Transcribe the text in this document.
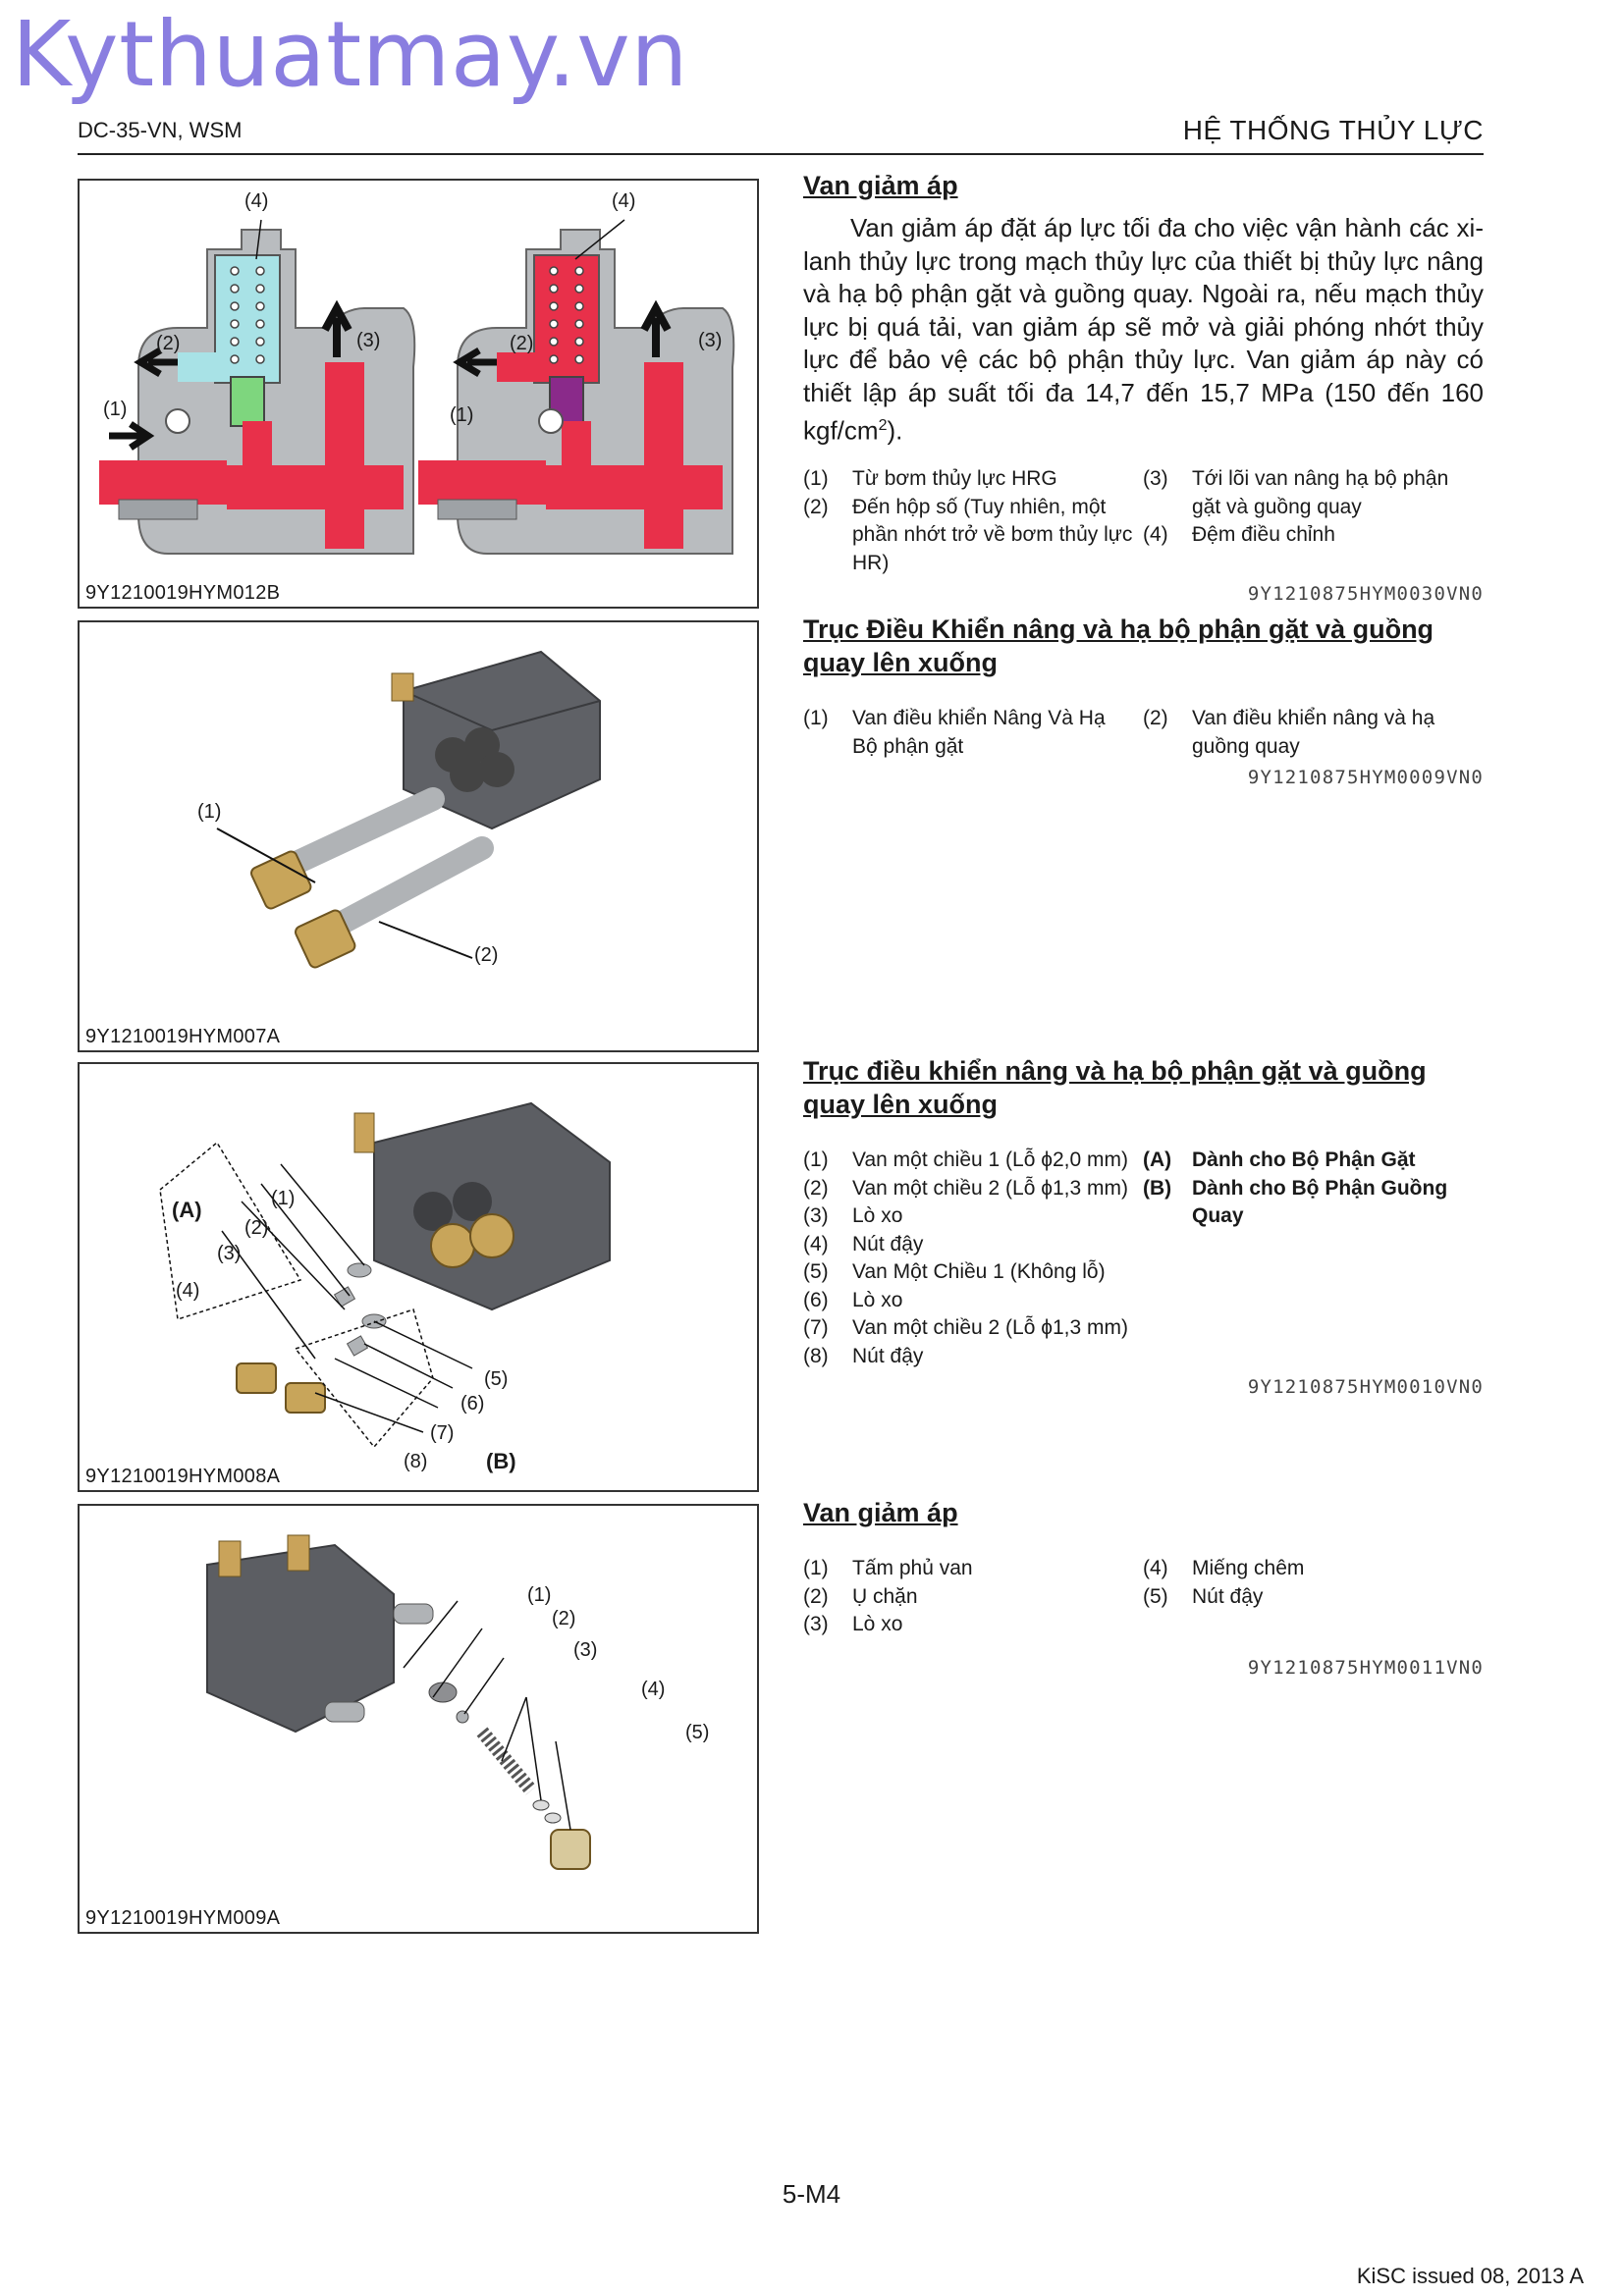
Kythuatmay.vn
DC-35-VN, WSM	HỆ THỐNG THỦY LỰC
(4)	(4)
(2)	(3)	(2)	(3)
(1)	(1)
9Y1210019HYM012B
(1)
(2)
9Y1210019HYM007A
(A)	(1)
(2)
(3)
(4)
(5)
(6)
(7)
(8)	(B)
9Y1210019HYM008A
(1)
(2)
(3)
(4)
(5)
9Y1210019HYM009A
Van giảm áp

Van giảm áp đặt áp lực tối đa cho việc vận hành các xi-lanh thủy lực trong mạch thủy lực của thiết bị thủy lực nâng và hạ bộ phận gặt và guồng quay. Ngoài ra, nếu mạch thủy lực bị quá tải, van giảm áp sẽ mở và giải phóng nhớt thủy lực để bảo vệ các bộ phận thủy lực. Van giảm áp này có thiết lập áp suất tối đa 14,7 đến 15,7 MPa (150 đến 160 kgf/$cm^2$).

(1)	Từ bơm thủy lực HRG
(2)	Đến hộp số (Tuy nhiên, một phần nhớt trở về bơm thủy lực HR)
(3)	Tới lõi van nâng hạ bộ phận gặt và guồng quay
(4)	Đệm điều chỉnh
9Y1210875HYM0030VN0
Trục Điều Khiển nâng và hạ bộ phận gặt và guồng quay lên xuống
(1)	Van điều khiển Nâng Và Hạ Bộ phận gặt
(2)	Van điều khiển nâng và hạ guồng quay
9Y1210875HYM0009VN0
Trục điều khiển nâng và hạ bộ phận gặt và guồng quay lên xuống
(1)	Van một chiều 1 (Lỗ ϕ2,0 mm)
(2)	Van một chiều 2 (Lỗ ϕ1,3 mm)
(3)	Lò xo
(4)	Nút đậy
(5)	Van Một Chiều 1 (Không lỗ)
(6)	Lò xo
(7)	Van một chiều 2 (Lỗ ϕ1,3 mm)
(8)	Nút đậy
(A) Dành cho Bộ Phận Gặt
(B) Dành cho Bộ Phận Guồng Quay
9Y1210875HYM0010VN0
Van giảm áp
(1)	Tấm phủ van
(2)	Ụ chặn
(3)	Lò xo
(4)	Miếng chêm
(5)	Nút đậy
9Y1210875HYM0011VN0
5-M4
KiSC issued 08, 2013 A
